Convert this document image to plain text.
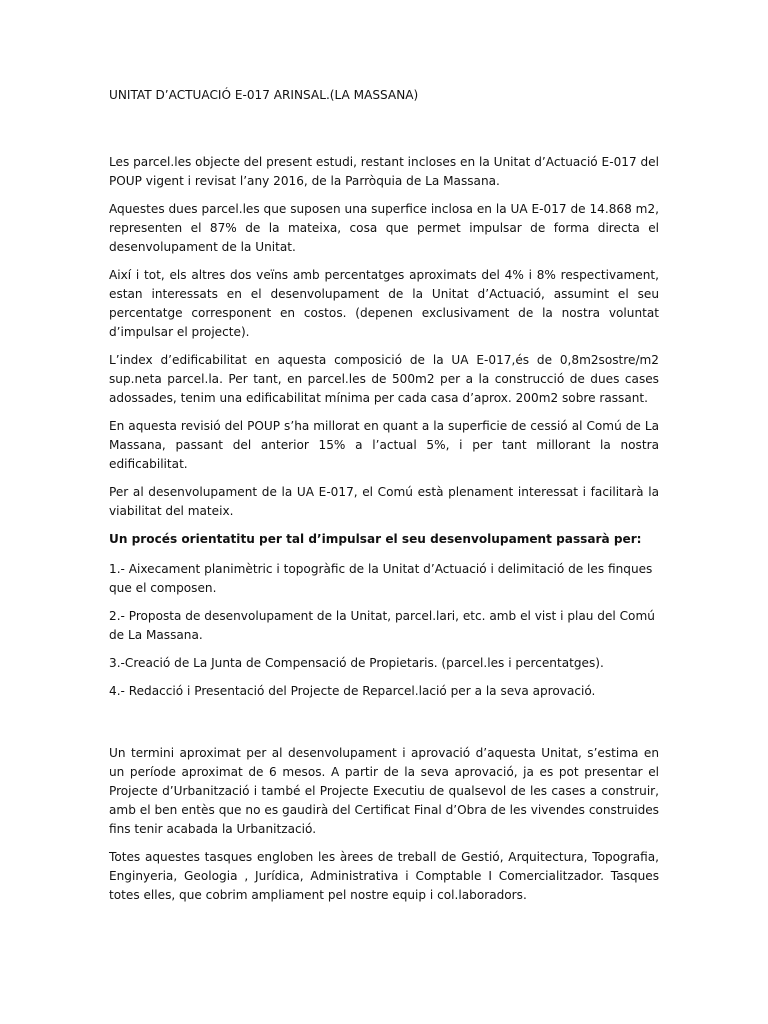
UNITAT D’ACTUACIÓ E-017 ARINSAL.(LA MASSANA)

Les parcel.les objecte del present estudi, restant incloses en la Unitat d’Actuació E-017 del POUP vigent i revisat l’any 2016, de la Parròquia de La Massana.

Aquestes dues parcel.les que suposen una superfice inclosa en la UA E-017 de 14.868 m2, representen el 87% de la mateixa, cosa que permet impulsar de forma directa el desenvolupament de la Unitat.

Així i tot, els altres dos veïns amb percentatges aproximats del 4% i 8% respectivament, estan interessats en el desenvolupament de la Unitat d’Actuació, assumint el seu percentatge corresponent en costos. (depenen exclusivament de la nostra voluntat d’impulsar el projecte).

L’index d’edificabilitat en aquesta composició de la UA E-017,és de 0,8m2sostre/m2 sup.neta parcel.la. Per tant, en parcel.les de 500m2 per a la construcció de dues cases adossades, tenim una edificabilitat mínima per cada casa d’aprox. 200m2 sobre rassant.

En aquesta revisió del POUP s’ha millorat en quant a la superficie de cessió al Comú de La Massana, passant del anterior 15% a l’actual 5%, i per tant millorant la nostra edificabilitat.

Per al desenvolupament de la UA E-017, el Comú està plenament interessat i facilitarà la viabilitat del mateix.

Un procés orientatitu per tal d’impulsar el seu desenvolupament passarà per:

1.- Aixecament planimètric i topogràfic de la Unitat d’Actuació i delimitació de les finques que el composen.

2.- Proposta de desenvolupament de la Unitat, parcel.lari, etc. amb el vist i plau del Comú de La Massana.

3.-Creació de La Junta de Compensació de Propietaris. (parcel.les i percentatges).

4.- Redacció i Presentació del Projecte de Reparcel.lació per a la seva aprovació.

Un termini aproximat per al desenvolupament i aprovació d’aquesta Unitat, s’estima en un període aproximat de 6 mesos. A partir de la seva aprovació, ja es pot presentar el Projecte d’Urbanització i també el Projecte Executiu de qualsevol de les cases a construir, amb el ben entès que no es gaudirà del Certificat Final d’Obra de les vivendes construides fins tenir acabada la Urbanització.

Totes aquestes tasques engloben les àrees de treball de Gestió, Arquitectura, Topografia, Enginyeria, Geologia , Jurídica, Administrativa i Comptable I Comercialitzador. Tasques totes elles, que cobrim ampliament pel nostre equip i col.laboradors.
